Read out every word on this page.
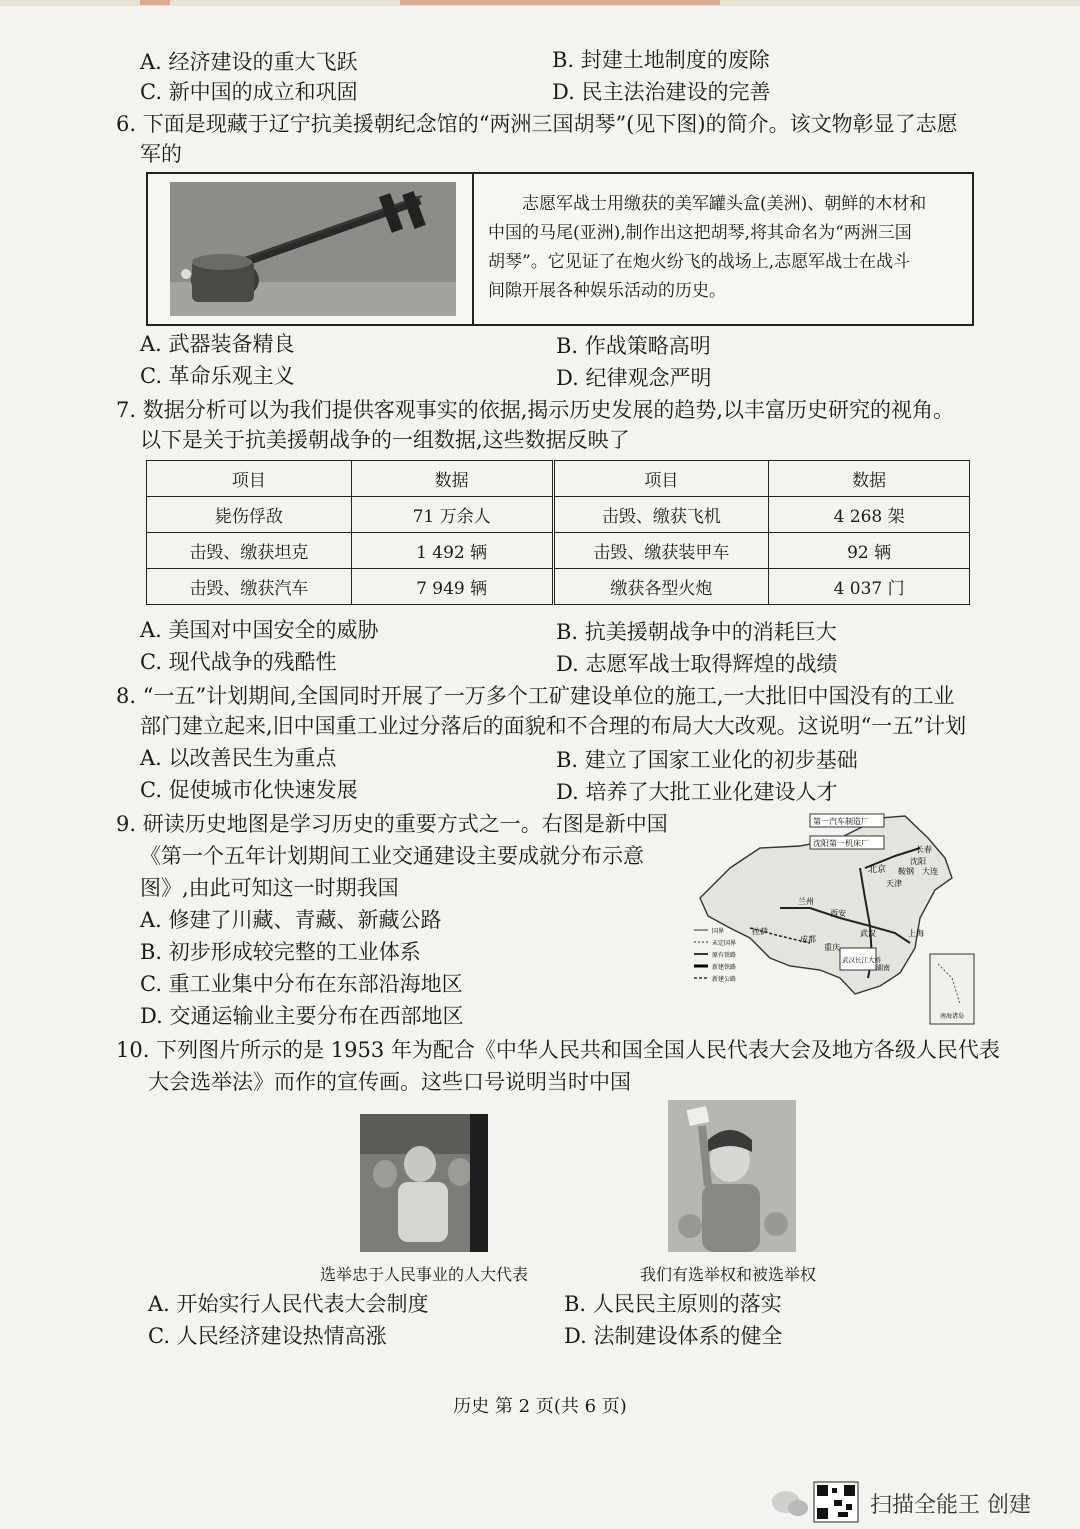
A. 经济建设的重大飞跃	B. 封建土地制度的废除
C. 新中国的成立和巩固	D. 民主法治建设的完善
6. 下面是现藏于辽宁抗美援朝纪念馆的“两洲三国胡琴”(见下图)的简介。该文物彰显了志愿
军的
志愿军战士用缴获的美军罐头盒(美洲)、朝鲜的木材和
中国的马尾(亚洲),制作出这把胡琴,将其命名为“两洲三国
胡琴”。它见证了在炮火纷飞的战场上,志愿军战士在战斗
间隙开展各种娱乐活动的历史。
A. 武器装备精良	B. 作战策略高明
C. 革命乐观主义	D. 纪律观念严明
7. 数据分析可以为我们提供客观事实的依据,揭示历史发展的趋势,以丰富历史研究的视角。
以下是关于抗美援朝战争的一组数据,这些数据反映了
项目	数据	项目	数据
毙伤俘敌	71 万余人	击毁、缴获飞机	4 268 架
击毁、缴获坦克	1 492 辆	击毁、缴获装甲车	92 辆
击毁、缴获汽车	7 949 辆	缴获各型火炮	4 037 门
A. 美国对中国安全的威胁	B. 抗美援朝战争中的消耗巨大
C. 现代战争的残酷性	D. 志愿军战士取得辉煌的战绩
8. “一五”计划期间,全国同时开展了一万多个工矿建设单位的施工,一大批旧中国没有的工业
部门建立起来,旧中国重工业过分落后的面貌和不合理的布局大大改观。这说明“一五”计划
A. 以改善民生为重点	B. 建立了国家工业化的初步基础
C. 促使城市化快速发展	D. 培养了大批工业化建设人才
9. 研读历史地图是学习历史的重要方式之一。右图是新中国
《第一个五年计划期间工业交通建设主要成就分布示意
图》,由此可知这一时期我国
A. 修建了川藏、青藏、新藏公路
B. 初步形成较完整的工业体系
C. 重工业集中分布在东部沿海地区
D. 交通运输业主要分布在西部地区
第一汽车制造厂
沈阳第一机床厂
长春
沈阳
北京
天津
大连
鞍钢
武汉
西安
兰州
成都
重庆
上海
拉萨
武汉长江大桥
湖南
国界
未定国界
原有铁路
新建铁路
新建公路
南海诸岛
10. 下列图片所示的是 1953 年为配合《中华人民共和国全国人民代表大会及地方各级人民代表
大会选举法》而作的宣传画。这些口号说明当时中国
选举忠于人民事业的人大代表	我们有选举权和被选举权
A. 开始实行人民代表大会制度	B. 人民民主原则的落实
C. 人民经济建设热情高涨	D. 法制建设体系的健全
历史 第 2 页(共 6 页)
扫描全能王 创建
